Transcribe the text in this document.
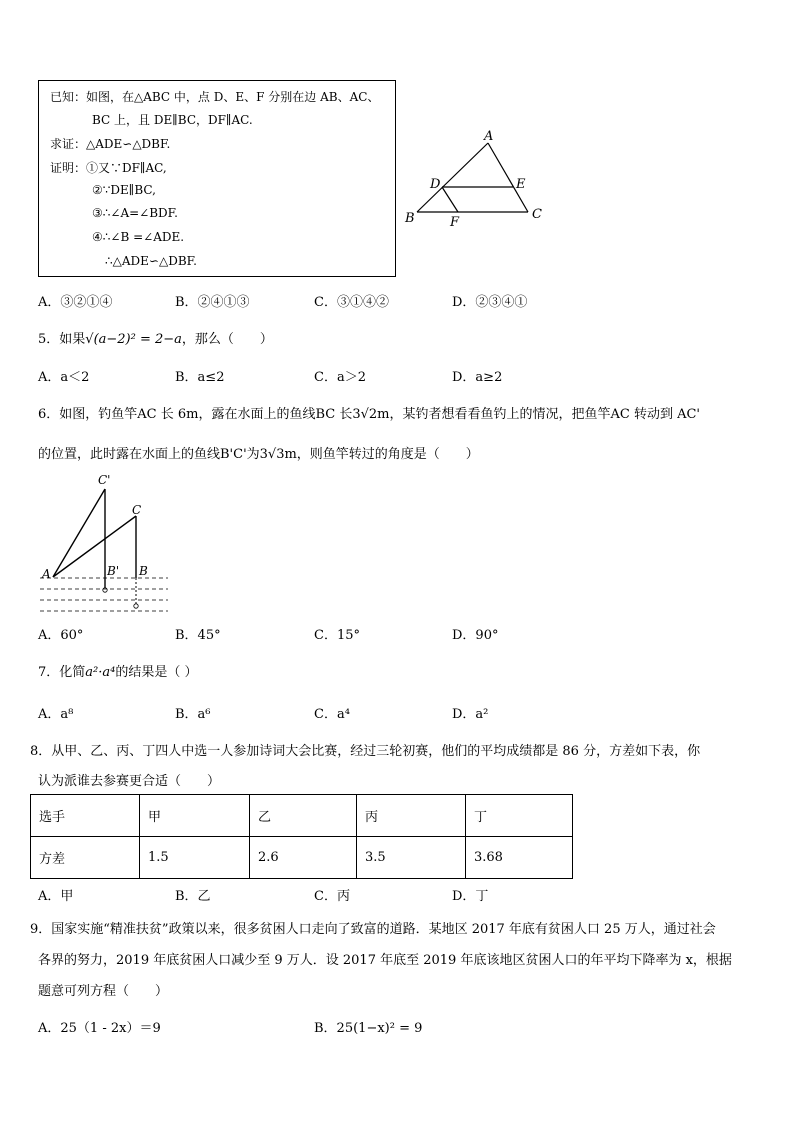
已知：如图，在△ABC 中，点 D、E、F 分别在边 AB、AC、
BC 上，且 DE∥BC，DF∥AC.
求证：△ADE∽△DBF.
证明：①又∵DF∥AC,
②∵DE∥BC,
③∴∠A=∠BDF.
④∴∠B =∠ADE.
∴△ADE∽△DBF.
A
D	E
B	F
C
A．③②①④	B．②④①③	C．③①④②	D．②③④①
5．如果√(a−2)² = 2−a，那么（　　）
A．a＜2	B．a≤2	C．a＞2	D．a≥2
6．如图，钓鱼竿AC 长 6m，露在水面上的鱼线BC 长3√2m，某钓者想看看鱼钓上的情况，把鱼竿AC 转动到 AC'
的位置，此时露在水面上的鱼线B'C'为3√3m，则鱼竿转过的角度是（　　）
C'
C
A	B' B
A．60°	B．45°	C．15°	D．90°
7．化简a²·a⁴的结果是（ ）
A．a⁸	B．a⁶	C．a⁴	D．a²
8．从甲、乙、丙、丁四人中选一人参加诗词大会比赛，经过三轮初赛，他们的平均成绩都是 86 分，方差如下表，你
认为派谁去参赛更合适（　　）
选手	甲	乙	丙	丁
方差	1.5	2.6	3.5	3.68
A．甲	B．乙	C．丙	D．丁
9．国家实施“精准扶贫”政策以来，很多贫困人口走向了致富的道路．某地区 2017 年底有贫困人口 25 万人，通过社会
各界的努力，2019 年底贫困人口减少至 9 万人．设 2017 年底至 2019 年底该地区贫困人口的年平均下降率为 x，根据
题意可列方程（　　）
A．25（1 - 2x）＝9	B．25(1−x)² = 9
